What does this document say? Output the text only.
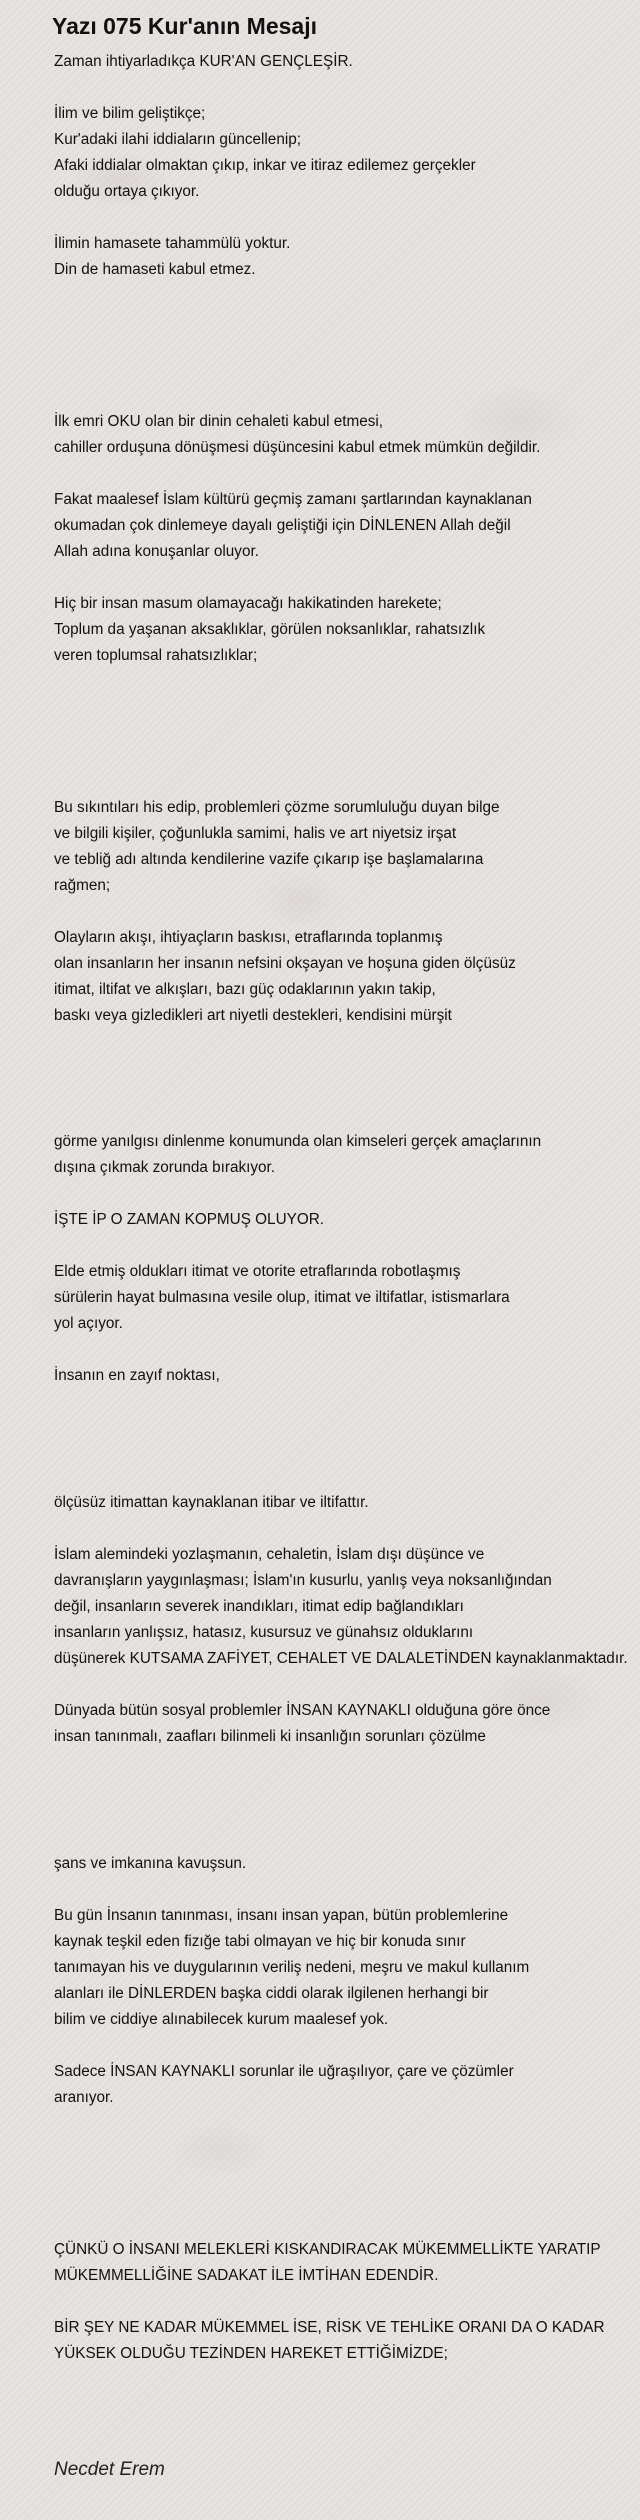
Yazı 075 Kur'anın Mesajı
Zaman ihtiyarladıkça KUR'AN GENÇLEŞİR.
İlim ve bilim geliştikçe;
Kur'adaki ilahi iddiaların güncellenip;
Afaki iddialar olmaktan çıkıp, inkar ve itiraz edilemez gerçekler
olduğu ortaya çıkıyor.
İlimin hamasete tahammülü yoktur.
Din de hamaseti kabul etmez.
İlk emri OKU olan bir dinin cehaleti kabul etmesi,
cahiller orduşuna dönüşmesi düşüncesini kabul etmek mümkün değildir.
Fakat maalesef İslam kültürü geçmiş zamanı şartlarından kaynaklanan
okumadan çok dinlemeye dayalı geliştiği için DİNLENEN Allah değil
Allah adına konuşanlar oluyor.
Hiç bir insan masum olamayacağı hakikatinden harekete;
Toplum da yaşanan aksaklıklar, görülen noksanlıklar, rahatsızlık
veren toplumsal rahatsızlıklar;
Bu sıkıntıları his edip, problemleri çözme sorumluluğu duyan bilge
ve bilgili kişiler, çoğunlukla samimi, halis ve art niyetsiz irşat
ve tebliğ adı altında kendilerine vazife çıkarıp işe başlamalarına
rağmen;
Olayların akışı, ihtiyaçların baskısı, etraflarında toplanmış
olan insanların her insanın nefsini okşayan ve hoşuna giden ölçüsüz
itimat, iltifat ve alkışları, bazı güç odaklarının yakın takip,
baskı veya gizledikleri art niyetli destekleri, kendisini mürşit
görme yanılgısı dinlenme konumunda olan kimseleri gerçek amaçlarının
dışına çıkmak zorunda bırakıyor.
İŞTE İP O ZAMAN KOPMUŞ OLUYOR.
Elde etmiş oldukları itimat ve otorite etraflarında robotlaşmış
sürülerin hayat bulmasına vesile olup, itimat ve iltifatlar, istismarlara
yol açıyor.
İnsanın en zayıf noktası,
ölçüsüz itimattan kaynaklanan itibar ve iltifattır.
İslam alemindeki yozlaşmanın, cehaletin, İslam dışı düşünce ve
davranışların yaygınlaşması; İslam'ın kusurlu, yanlış veya noksanlığından
değil, insanların severek inandıkları, itimat edip bağlandıkları
insanların yanlışsız, hatasız, kusursuz ve günahsız olduklarını
düşünerek KUTSAMA ZAFİYET, CEHALET VE DALALETİNDEN kaynaklanmaktadır.
Dünyada bütün sosyal problemler İNSAN KAYNAKLI olduğuna göre önce
insan tanınmalı, zaafları bilinmeli ki insanlığın sorunları çözülme
şans ve imkanına kavuşsun.
Bu gün İnsanın tanınması, insanı insan yapan, bütün problemlerine
kaynak teşkil eden fizığe tabi olmayan ve hiç bir konuda sınır
tanımayan his ve duygularının veriliş nedeni, meşru ve makul kullanım
alanları ile DİNLERDEN başka ciddi olarak ilgilenen herhangi bir
bilim ve ciddiye alınabilecek kurum maalesef yok.
Sadece İNSAN KAYNAKLI sorunlar ile uğraşılıyor, çare ve çözümler
aranıyor.
ÇÜNKÜ O İNSANI MELEKLERİ KISKANDIRACAK MÜKEMMELLİKTE YARATIP
MÜKEMMELLİĞİNE SADAKAT İLE İMTİHAN EDENDİR.
BİR ŞEY NE KADAR MÜKEMMEL İSE, RİSK VE TEHLİKE ORANI DA O KADAR
YÜKSEK OLDUĞU TEZİNDEN HAREKET ETTİĞİMİZDE;
Necdet Erem
